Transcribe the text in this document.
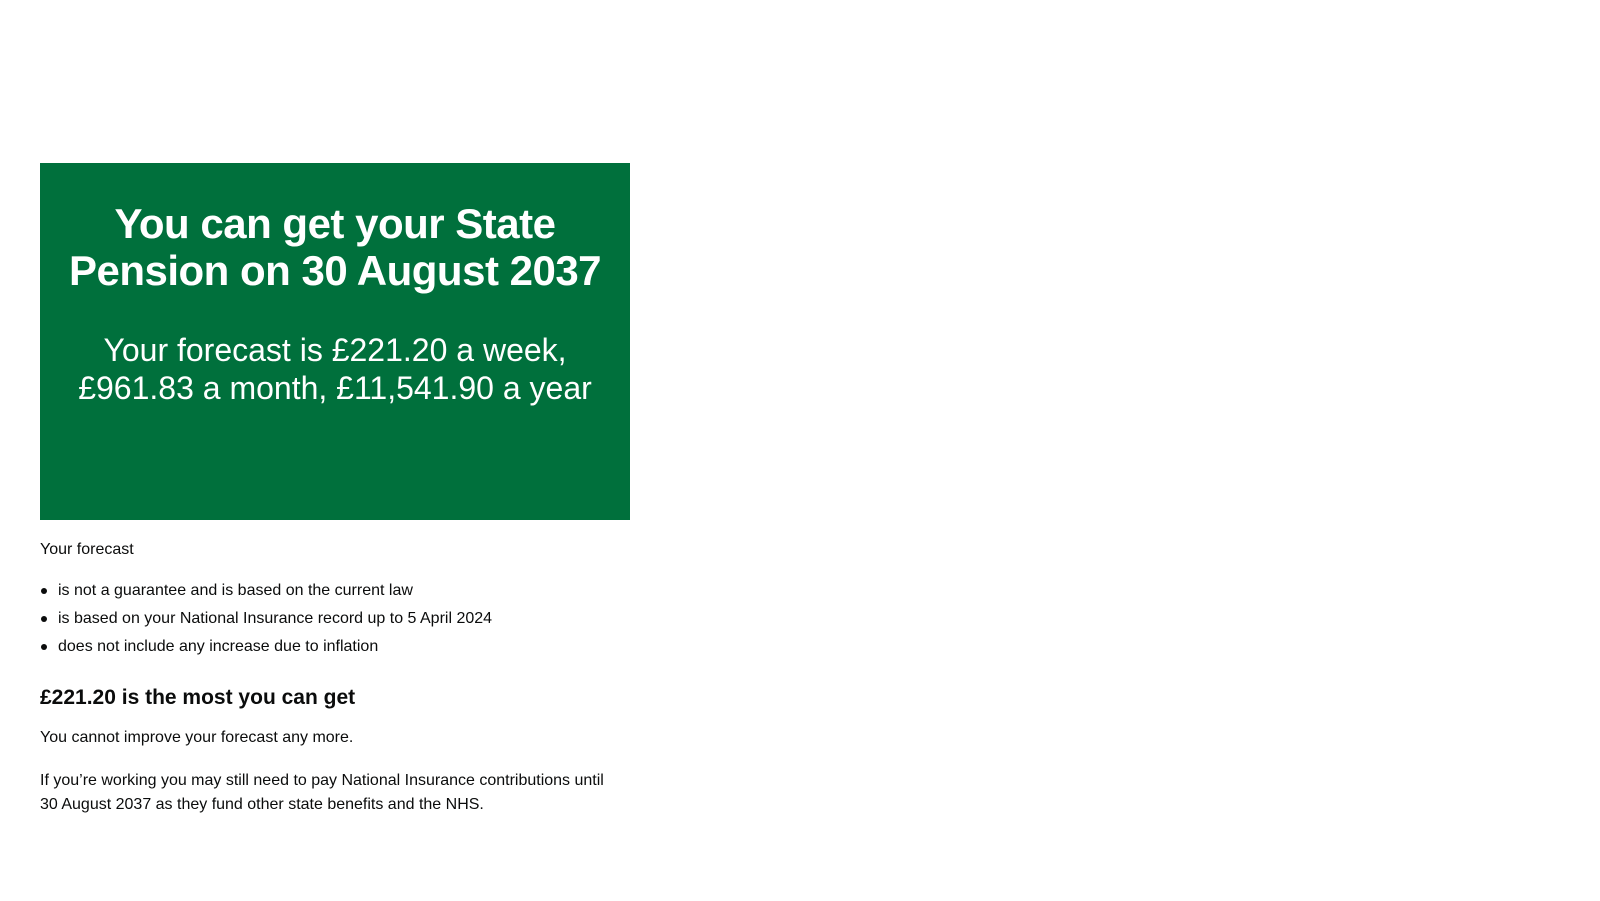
You can get your State Pension on 30 August 2037
Your forecast is £221.20 a week, £961.83 a month, £11,541.90 a year

Your forecast

is not a guarantee and is based on the current law
is based on your National Insurance record up to 5 April 2024
does not include any increase due to inflation
£221.20 is the most you can get

You cannot improve your forecast any more.

If you’re working you may still need to pay National Insurance contributions until 30 August 2037 as they fund other state benefits and the NHS.
